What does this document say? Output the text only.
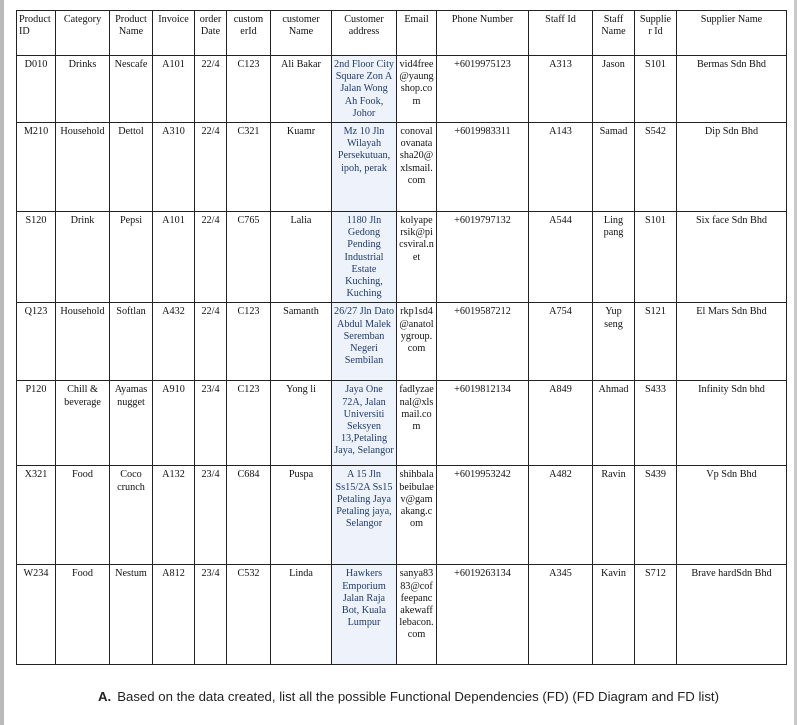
Product ID	Category	Product Name	Invoice	order Date	custom erId	customer Name	Customer address	Email	Phone Number	Staff Id	Staff Name	Supplie r Id	Supplier Name
D010	Drinks	Nescafe	A101	22/4	C123	Ali Bakar	2nd Floor City Square Zon A Jalan Wong Ah Fook, Johor	vid4free@yaungshop.com	+6019975123	A313	Jason	S101	Bermas Sdn Bhd
M210	Household	Dettol	A310	22/4	C321	Kuamr	Mz 10 Jln Wilayah Persekutuan, ipoh, perak	conovalovanatasha20@xlsmail.com	+6019983311	A143	Samad	S542	Dip Sdn Bhd
S120	Drink	Pepsi	A101	22/4	C765	Lalia	1180 Jln Gedong Pending Industrial Estate Kuching, Kuching	kolyapersik@picsviral.net	+6019797132	A544	Ling pang	S101	Six face Sdn Bhd
Q123	Household	Softlan	A432	22/4	C123	Samanth	26/27 Jln Dato Abdul Malek Seremban Negeri Sembilan	rkp1sd4@anatolygroup.com	+6019587212	A754	Yup seng	S121	El Mars Sdn Bhd
P120	Chill & beverage	Ayamas nugget	A910	23/4	C123	Yong li	Jaya One 72A, Jalan Universiti Seksyen 13,Petaling Jaya, Selangor	fadlyzaenal@xlsmail.com	+6019812134	A849	Ahmad	S433	Infinity Sdn bhd
X321	Food	Coco crunch	A132	23/4	C684	Puspa	A 15 Jln Ss15/2A Ss15 Petaling Jaya Petaling jaya, Selangor	shihbalabeibulaev@gamakang.com	+6019953242	A482	Ravin	S439	Vp Sdn Bhd
W234	Food	Nestum	A812	23/4	C532	Linda	Hawkers Emporium Jalan Raja Bot, Kuala Lumpur	sanya8383@coffeepancakewafflebacon.com	+6019263134	A345	Kavin	S712	Brave hardSdn Bhd
A. Based on the data created, list all the possible Functional Dependencies (FD) (FD Diagram and FD list)
